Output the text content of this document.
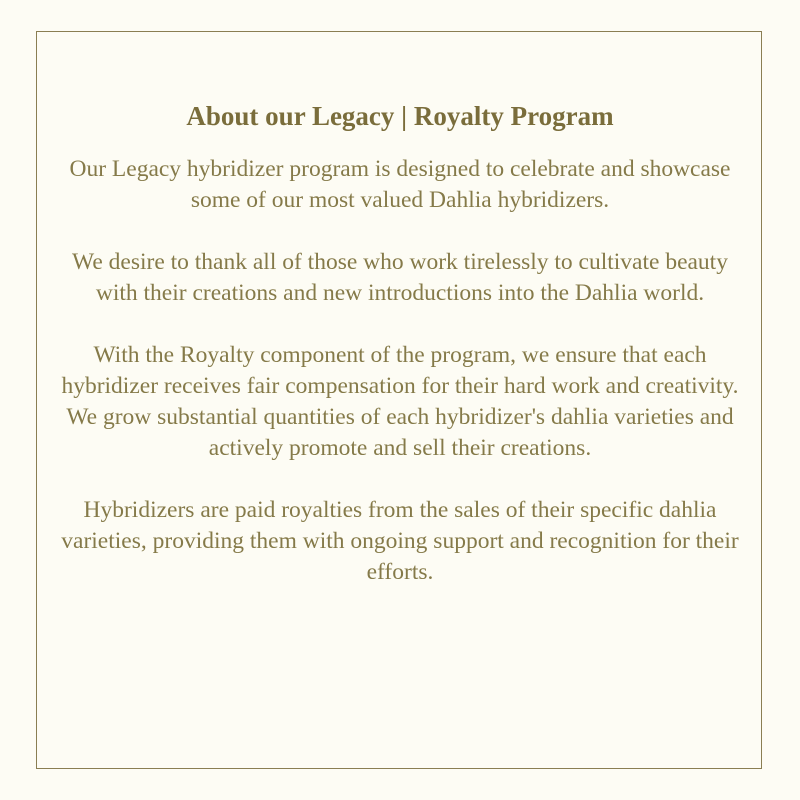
About our Legacy | Royalty Program

Our Legacy hybridizer program is designed to celebrate and showcase some of our most valued Dahlia hybridizers.

We desire to thank all of those who work tirelessly to cultivate beauty with their creations and new introductions into the Dahlia world.

With the Royalty component of the program, we ensure that each hybridizer receives fair compensation for their hard work and creativity. We grow substantial quantities of each hybridizer's dahlia varieties and actively promote and sell their creations.

Hybridizers are paid royalties from the sales of their specific dahlia varieties, providing them with ongoing support and recognition for their efforts.
